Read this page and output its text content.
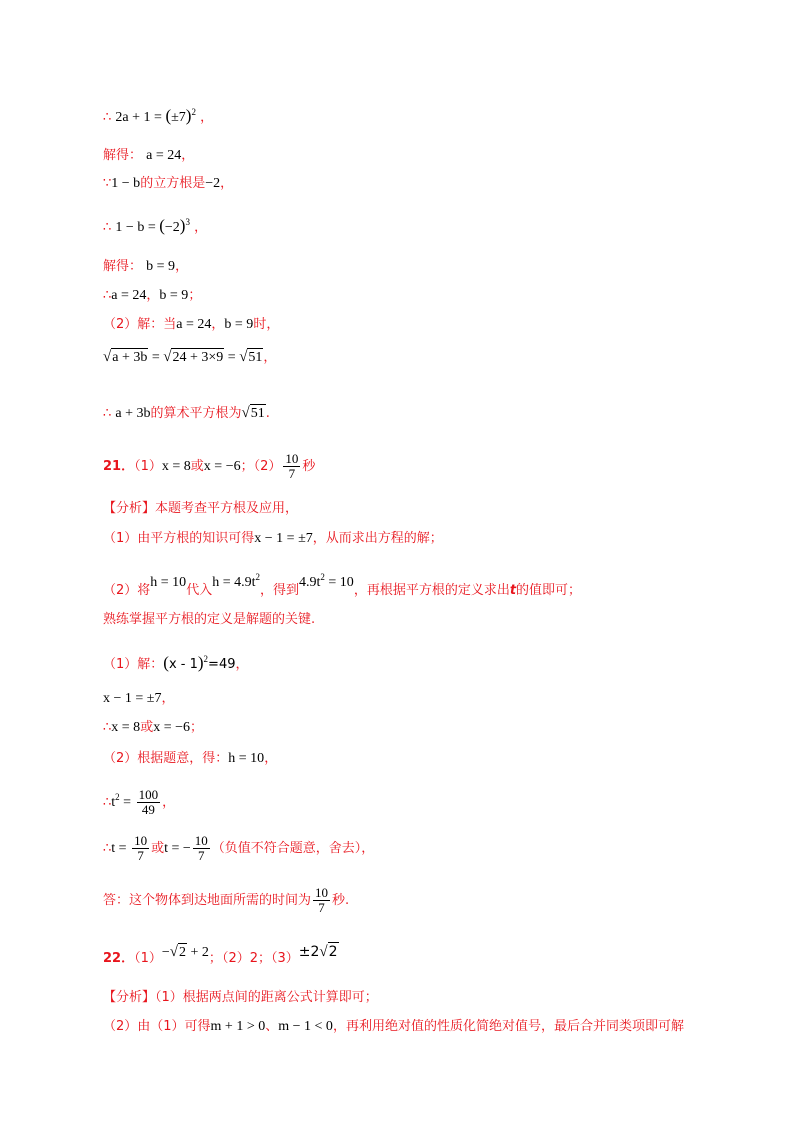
∴ $2a + 1 = (\pm 7)^2$ ，
解得： a = 24，
∵1 − b的立方根是−2，
∴ $1 - b = (-2)^3$ ，
解得： b = 9，
∴a = 24，b = 9；
（2）解：当a = 24，b = 9时，
√a + 3b = √24 + 3×9 = √51，
∴ a + 3b的算术平方根为√51.
21．（1）x = 8或x = −6；$(2) \frac{10}{7}$ 秒
【分析】本题考查平方根及应用，
（1）由平方根的知识可得x − 1 = ±7，从而求出方程的解；
（2）将h = 10代入$h = 4.9t^2$，得到$4.9t^2 = 10$，再根据平方根的定义求出t的值即可；
熟练掌握平方根的定义是解题的关键.
（1）解：(x - 1)$^2$=49，
x − 1 = ±7，
∴x = 8或x = −6；
（2）根据题意，得：h = 10，
$\therefore t^2 = \frac{100}{49}$ ，
∴t = $\frac{10}{7}$ 或t = − $\frac{10}{7}$ （负值不符合题意，舍去），
答：这个物体到达地面所需的时间为 $\frac{10}{7}$ 秒.
22．（1）−√2 + 2；（2）2；（3）±2√2
【分析】（1）根据两点间的距离公式计算即可；
（2）由（1）可得m + 1 > 0、m − 1 < 0，再利用绝对值的性质化简绝对值号，最后合并同类项即可解
